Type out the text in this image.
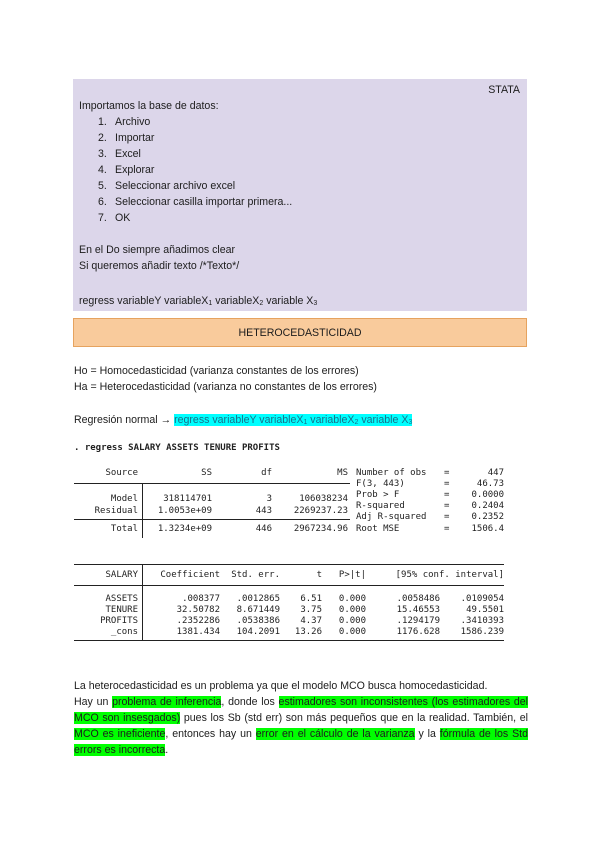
STATA
Importamos la base de datos:
1. Archivo
2. Importar
3. Excel
4. Explorar
5. Seleccionar archivo excel
6. Seleccionar casilla importar primera...
7. OK
En el Do siempre añadimos clear
Si queremos añadir texto /*Texto*/
regress variableY variableX$_1$ variableX$_2$ variable $X_3$
HETEROCEDASTICIDAD
Ho = Homocedasticidad (varianza constantes de los errores)
Ha = Heterocedasticidad (varianza no constantes de los errores)
Regresión normal → regress variableY variableX$_1$ variableX$_2$ variable $X_3$
. regress SALARY ASSETS TENURE PROFITS
Source	SS	df	MS Number of obs	=	447
F(3, 443)	=	46.73
Prob > F	=	0.0000
R-squared	=	0.2404
Adj R-squared	=	0.2352
Root MSE	=	1506.4
Model	318114701	3	106038234
Residual	1.0053e+09	443	2269237.23
Total	1.3234e+09	446	2967234.96
SALARY	Coefficient	Std. err.	t	P>|t|	[95% conf. interval]
ASSETS	.008377	.0012865	6.51	0.000	.0058486	.0109054
TENURE	32.50782	8.671449	3.75	0.000	15.46553	49.5501
PROFITS	.2352286	.0538386	4.37	0.000	.1294179	.3410393
_cons	1381.434	104.2091	13.26	0.000	1176.628	1586.239
La heterocedasticidad es un problema ya que el modelo MCO busca homocedasticidad.
Hay un problema de inferencia, donde los estimadores son inconsistentes (los estimadores del MCO son insesgados) pues los Sb (std err) son más pequeños que en la realidad. También, el MCO es ineficiente, entonces hay un error en el cálculo de la varianza y la fórmula de los Std errors es incorrecta.
